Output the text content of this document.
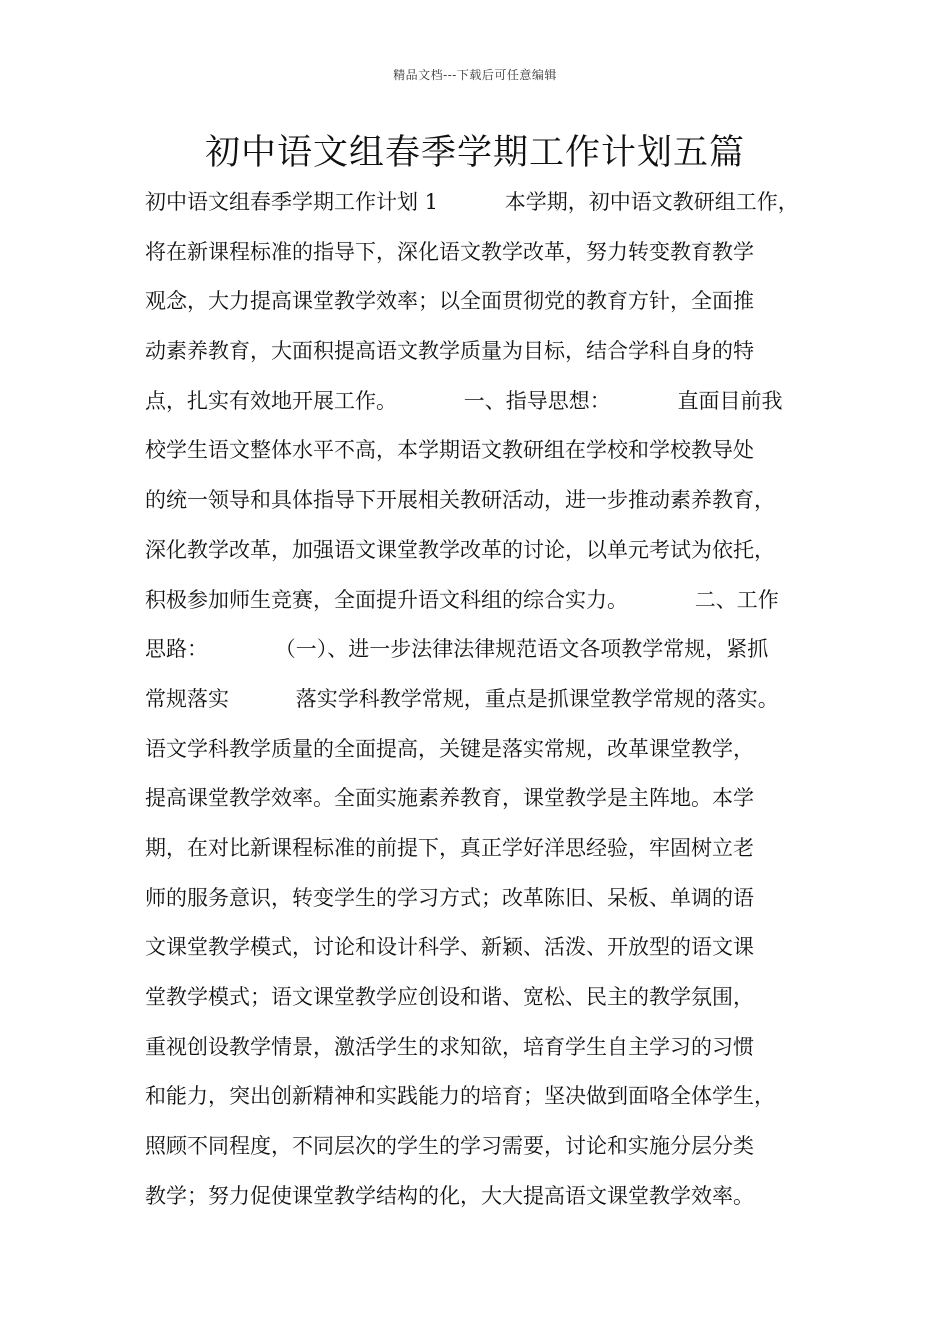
精品文档---下载后可任意编辑
初中语文组春季学期工作计划五篇
初中语文组春季学期工作计划 1          本学期，初中语文教研组工作，
将在新课程标准的指导下，深化语文教学改革，努力转变教育教学
观念，大力提高课堂教学效率；以全面贯彻党的教育方针，全面推
动素养教育，大面积提高语文教学质量为目标，结合学科自身的特
点，扎实有效地开展工作。          一、指导思想：          直面目前我
校学生语文整体水平不高，本学期语文教研组在学校和学校教导处
的统一领导和具体指导下开展相关教研活动，进一步推动素养教育，
深化教学改革，加强语文课堂教学改革的讨论，以单元考试为依托，
积极参加师生竞赛，全面提升语文科组的综合实力。          二、工作
思路：          （一）、进一步法律法律规范语文各项教学常规，紧抓
常规落实          落实学科教学常规，重点是抓课堂教学常规的落实。
语文学科教学质量的全面提高，关键是落实常规，改革课堂教学，
提高课堂教学效率。全面实施素养教育，课堂教学是主阵地。本学
期，在对比新课程标准的前提下，真正学好洋思经验，牢固树立老
师的服务意识，转变学生的学习方式；改革陈旧、呆板、单调的语
文课堂教学模式，讨论和设计科学、新颖、活泼、开放型的语文课
堂教学模式；语文课堂教学应创设和谐、宽松、民主的教学氛围，
重视创设教学情景，激活学生的求知欲，培育学生自主学习的习惯
和能力，突出创新精神和实践能力的培育；坚决做到面咯全体学生，
照顾不同程度，不同层次的学生的学习需要，讨论和实施分层分类
教学；努力促使课堂教学结构的化，大大提高语文课堂教学效率。
